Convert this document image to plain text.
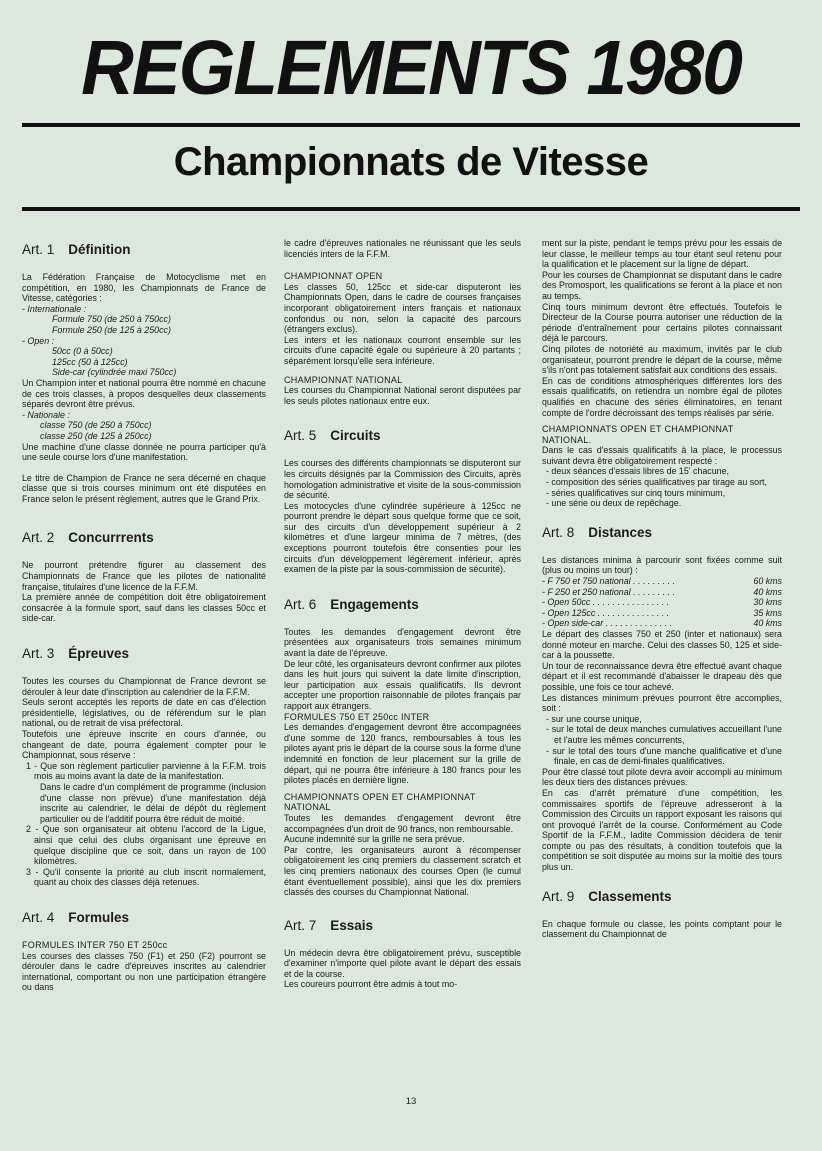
REGLEMENTS 1980
Championnats de Vitesse
Art. 1 Définition

La Fédération Française de Motocyclisme met en compétition, en 1980, les Championnats de France de Vitesse, catégories :

- Internationale :

Formule 750 (de 250 à 750cc)

Formule 250 (de 125 à 250cc)

- Open :

50cc (0 à 50cc)

125cc (50 à 125cc)

Side-car (cylindrée maxi 750cc)

Un Champion inter et national pourra être nommé en chacune de ces trois classes, à propos desquelles deux classements séparés devront être prévus.

- Nationale :

classe 750 (de 250 à 750cc)

classe 250 (de 125 à 250cc)

Une machine d'une classe donnée ne pourra participer qu'à une seule course lors d'une manifestation.

Le titre de Champion de France ne sera décerné en chaque classe que si trois courses minimum ont été disputées en France selon le présent règlement, autres que le Grand Prix.

Art. 2 Concurrrents

Ne pourront prétendre figurer au classement des Championnats de France que les pilotes de nationalité française, titulaires d'une licence de la F.F.M.

La première année de compétition doit être obligatoirement consacrée à la formule sport, sauf dans les classes 50cc et side-car.

Art. 3 Épreuves

Toutes les courses du Championnat de France devront se dérouler à leur date d'inscription au calendrier de la F.F.M.

Seuls seront acceptés les reports de date en cas d'élection présidentielle, législatives, ou de référendum sur le plan national, ou de retrait de visa préfectoral.

Toutefois une épreuve inscrite en cours d'année, ou changeant de date, pourra également compter pour le Championnat, sous réserve :

1 - Que son règlement particulier parvienne à la F.F.M. trois mois au moins avant la date de la manifestation.

Dans le cadre d'un complément de programme (inclusion d'une classe non prévue) d'une manifestation déjà inscrite au calendrier, le délai de dépôt du règlement particulier ou de l'additif pourra être réduit de moitié.

2 - Que son organisateur ait obtenu l'accord de la Ligue, ainsi que celui des clubs organisant une épreuve en quelque discipline que ce soit, dans un rayon de 100 kilomètres.

3 - Qu'il consente la priorité au club inscrit normalement, quant au choix des classes déjà retenues.

Art. 4 Formules
FORMULES INTER 750 ET 250cc

Les courses des classes 750 (F1) et 250 (F2) pourront se dérouler dans le cadre d'épreuves inscrites au calendrier international, comportant ou non une participation étrangère ou dans

le cadre d'épreuves nationales ne réunissant que les seuls licenciés inters de la F.F.M.

CHAMPIONNAT OPEN

Les classes 50, 125cc et side-car disputeront les Championnats Open, dans le cadre de courses françaises incorporant obligatoirement inters français et nationaux confondus ou non, selon la capacité des parcours (étrangers exclus).

Les inters et les nationaux courront ensemble sur les circuits d'une capacité égale ou supérieure à 20 partants ; séparément lorsqu'elle sera inférieure.

CHAMPIONNAT NATIONAL

Les courses du Championnat National seront disputées par les seuls pilotes nationaux entre eux.

Art. 5 Circuits

Les courses des différents championnats se disputeront sur les circuits désignés par la Commission des Circuits, après homologation administrative et visite de la sous-commission de sécurité.

Les motocycles d'une cylindrée supérieure à 125cc ne pourront prendre le départ sous quelque forme que ce soit, sur des circuits d'un développement supérieur à 2 kilomètres et d'une largeur minima de 7 mètres, (des exceptions pourront toutefois être consenties pour les circuits d'un développement légèrement inférieur, après examen de la piste par la sous-commission de sécurité).

Art. 6 Engagements

Toutes les demandes d'engagement devront être présentées aux organisateurs trois semaines minimum avant la date de l'épreuve.

De leur côté, les organisateurs devront confirmer aux pilotes dans les huit jours qui suivent la date limite d'inscription, leur participation aux essais qualificatifs. Ils devront accepter une proportion raisonnable de pilotes français par rapport aux étrangers.

FORMULES 750 ET 250cc INTER

Les demandes d'engagement devront être accompagnées d'une somme de 120 francs, remboursables à tous les pilotes ayant pris le départ de la course sous la forme d'une indemnité en fonction de leur placement sur la grille de départ, qui ne pourra être inférieure à 180 francs pour les pilotes placés en dernière ligne.

CHAMPIONNATS OPEN ET CHAMPIONNAT NATIONAL

Toutes les demandes d'engagement devront être accompagnées d'un droit de 90 francs, non remboursable.

Aucune indemnité sur la grille ne sera prévue.

Par contre, les organisateurs auront à récompenser obligatoirement les cinq premiers du classement scratch et les cinq premiers nationaux des courses Open (le cumul étant éventuellement possible), ainsi que les dix premiers classés des courses du Championnat National.

Art. 7 Essais

Un médecin devra être obligatoirement prévu, susceptible d'examiner n'importe quel pilote avant le départ des essais et de la course.

Les coureurs pourront être admis à tout mo-

ment sur la piste, pendant le temps prévu pour les essais de leur classe, le meilleur temps au tour étant seul retenu pour la qualification et le placement sur la ligne de départ.

Pour les courses de Championnat se disputant dans le cadre des Promosport, les qualifications se feront à la place et non au temps.

Cinq tours minimum devront être effectués. Toutefois le Directeur de la Course pourra autoriser une réduction de la période d'entraînement pour certains pilotes connaissant déjà le parcours.

Cinq pilotes de notoriété au maximum, invités par le club organisateur, pourront prendre le départ de la course, même s'ils n'ont pas totalement satisfait aux conditions des essais.

En cas de conditions atmosphériques différentes lors des essais qualificatifs, on retiendra un nombre égal de pilotes qualifiés en chacune des séries éliminatoires, en tenant compte de l'ordre décroissant des temps réalisés par série.

CHAMPIONNATS OPEN ET CHAMPIONNAT NATIONAL.

Dans le cas d'essais qualificatifs à la place, le processus suivant devra être obligatoirement respecté :

- deux séances d'essais libres de 15' chacune,

- composition des séries qualificatives par tirage au sort,

- séries qualificatives sur cinq tours minimum,

- une série ou deux de repêchage.

Art. 8 Distances

Les distances minima à parcourir sont fixées comme suit (plus ou moins un tour) :

- F 750 et 750 national . . . . . . . . .	60 kms
- F 250 et 250 national . . . . . . . . .	40 kms
- Open 50cc . . . . . . . . . . . . . . . .	30 kms
- Open 125cc . . . . . . . . . . . . . . .	35 kms
- Open side-car . . . . . . . . . . . . . .	40 kms

Le départ des classes 750 et 250 (inter et nationaux) sera donné moteur en marche. Celui des classes 50, 125 et side-car à la poussette.

Un tour de reconnaissance devra être effectué avant chaque départ et il est recommandé d'abaisser le drapeau dès que possible, une fois ce tour achevé.

Les distances minimum prévues pourront être accomplies, soit :

- sur une course unique,

- sur le total de deux manches cumulatives accueillant l'une et l'autre les mêmes concurrents,

- sur le total des tours d'une manche qualificative et d'une finale, en cas de demi-finales qualificatives.

Pour être classé tout pilote devra avoir accompli au minimum les deux tiers des distances prévues.

En cas d'arrêt prématuré d'une compétition, les commissaires sportifs de l'épreuve adresseront à la Commission des Circuits un rapport exposant les raisons qui ont provoqué l'arrêt de la course. Conformément au Code Sportif de la F.F.M., ladite Commission décidera de tenir compte ou pas des résultats, à condition toutefois que la compétition se soit disputée au moins sur la moitié des tours plus un.

Art. 9 Classements

En chaque formule ou classe, les points comptant pour le classement du Championnat de

13
